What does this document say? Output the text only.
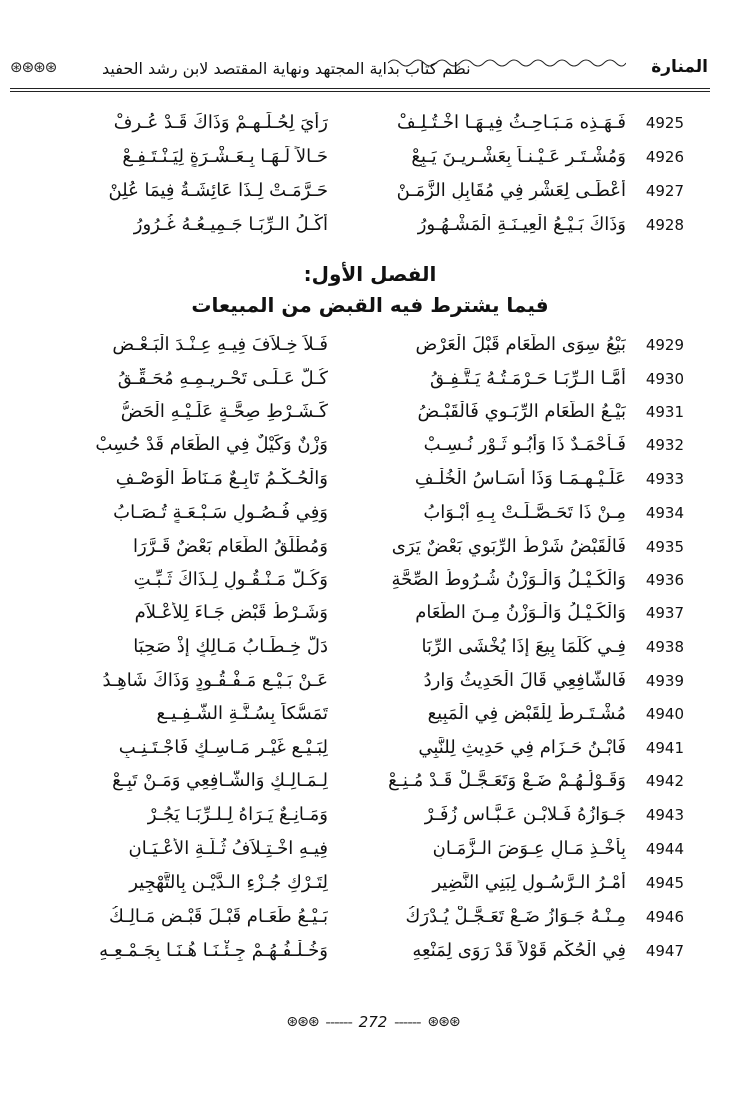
⊛⊛⊛⊛	نظم كتاب بداية المجتهد ونهاية المقتصد لابن رشد الحفيد	المنارة
4925
فَـهَـذِه مَـبَـاحِـثُ فِيـهَـا اخْـتُـلِـفْ
رَأْيَ لِحُـلِّـهِـمْ وَذَاكَ قَـدْ عُـرِفْ
4926
وَمُشْـتَـرٍ عَـيْـنـاً بِعَشْـرِيـنَ يَـبِعْ
حَـالاً لَـهَـا بِـعَـشْـرَةٍ لِيَـنْـتَـفِـعْ
4927
أَعْطَـى لِعَشْرٍ فِي مُقَابِلِ الزَّمَـنْ
حَـرَّمَـتْ لِـذَا عَائِشَـةُ فِيمَا عُلِنْ
4928
وَذَاكَ بَـيْـعُ الْعِيـنَـةِ الْمَشْـهُـورُ
أَكْـلُ الـرِّبَـا جَـمِيـعُـهُ غُـرُورُ
الفصل الأول:
فيما يشترط فيه القبض من المبيعات
4929
بَيْعُ سِوَى الطَّعَامِ قَبْلَ الْعَرْضِ
فَـلاَ خِـلاَفَ فِيـهِ عِـنْـدَ الْبَـعْـضِ
4930
أَمَّـا الـرِّبَـا حَـرْمَـتُـهُ يَـتَّـفِـقُ
كُـلٌّ عَـلَـى تَحْـرِيـمِـهِ مُحَـقِّـقُ
4931
بَيْـعُ الطَّعَامِ الرِّبَـوِي فَالْقَبْـضُ
كَـشَـرْطِ صِحَّـةٍ عَلَـيْـهِ الْحَضُّ
4932
فَـأَحْمَـدٌ ذَا وَأَبُـو ثَـوْرٍ نُـسِـبْ
وَزْنٌ وَكَيْلٌ فِي الطَّعَامِ قَدْ حُسِبْ
4933
عَلَـيْـهِـمَـا وَذَا أَسَـاسُ الْخُلْـفِ
وَالْحُـكْـمُ تَابِـعٌ مَـنَاطَ الْوَصْـفِ
4934
مِـنْ ذَا تَحَـصَّـلَـتْ بِـهِ أَبْـوَابُ
وَفِي فُـصُـولٍ سَـبْـعَـةٍ تُـصَـابُ
4935
فَالْقَبْضُ شَرْطُ الرِّبَوِي بَعْضٌ يَرَى
وَمُطْلَقُ الطَّعَامِ بَعْضٌ قَـرَّرَا
4936
وَالْكَـيْـلُ وَالْـوَزْنُ شُـرُوطُ الصِّحَّةِ
وَكُـلُّ مَـنْـقُـولٍ لِـذَاكَ ثَـبِّـتِ
4937
وَالْكَـيْـلُ وَالْـوَزْنُ مِـنَ الطَّعَامِ
وَشَـرْطُ قَبْضٍ جَـاءَ لِلأَعْـلاَمِ
4938
فِـي كُلِّمَا بِيعَ إِذَا يُخْشَى الرِّبَا
دَلَّ خِـطَـابُ مَـالِكٍ إِذْ صَحِبَا
4939
فَالشَّافِعِي قَالَ الْحَدِيثُ وَارِدُ
عَـنْ بَـيْـعِ مَـفْـقُـودٍ وَذَاكَ شَاهِـدُ
4940
مُشْـتَـرِطٌ لِلْقَبْضِ فِي الْمَبِيعِ
تَمَسُّكاً بِسُـنَّـةِ الشَّـفِـيـعِ
4941
فَابْـنُ حَـزَامٍ فِي حَدِيثِ لِلنَّبِي
لِبَـيْـعِ غَيْـرِ مَـاسِـكٍ فَاجْـتَـنِـبِ
4942
وَقَـوْلُـهُـمْ ضَـعْ وَتَعَـجَّـلْ قَـدْ مُـنِـعْ
لِـمَـالِـكٍ وَالشَّـافِعِي وَمَـنْ تَبِـعْ
4943
جَـوَازُهُ فَـلابْـنِ عَـبَّـاسٍ زُفَـرْ
وَمَـانِـعٌ يَـرَاهُ لِـلـرِّبَـا يَجُـرْ
4944
بِأَخْـذِ مَـالٍ عِـوَضَ الـزَّمَـانِ
فِيـهِ اخْـتِـلاَفُ ثُـلَّـةِ الأَعْـيَـانِ
4945
أَمْـرُ الـرَّسُـولِ لِبَنِي النَّضِيرِ
لِتَـرْكِ جُـزْءِ الـدَّيْـنِ بِالتَّهْجِيرِ
4946
مِـنْـهُ جَـوَازُ ضَـعْ تَعَـجَّـلْ يُـدْرَكُ
بَـيْـعُ طَعَـامٍ قَبْـلَ قَبْـضِ مَـالِـكُ
4947
فِي الْحُكْمِ قَوْلاً قَدْ رَوَى لِمَنْعِهِ
وَخُـلْـفُـهُـمْ جِـئْـنَـا هُـنَـا بِجَـمْـعِـهِ
⊛⊛⊛ ------ 272 ------ ⊛⊛⊛
